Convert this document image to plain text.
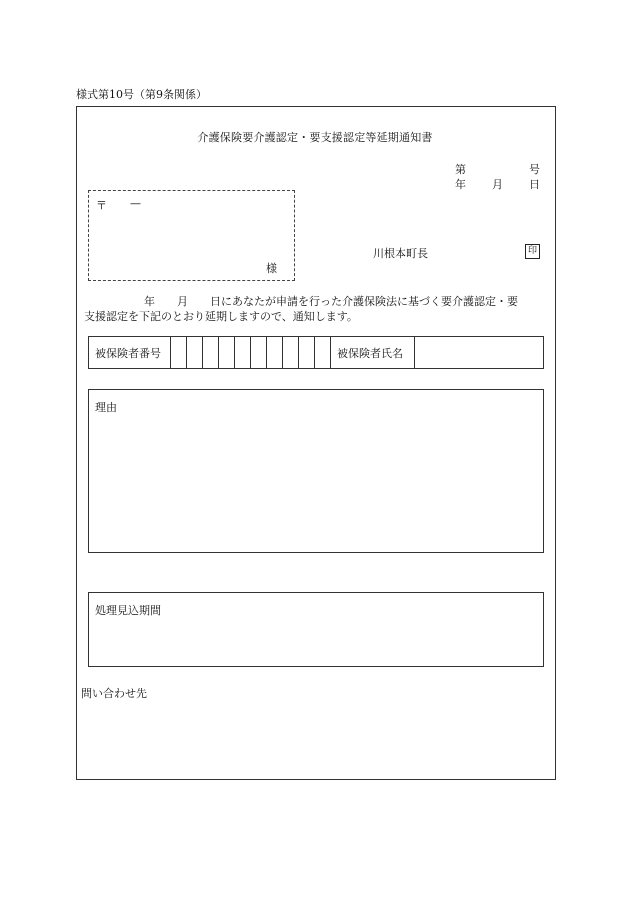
様式第10号（第9条関係）
介護保険要介護認定・要支援認定等延期通知書
第	号
年 月 日
〒 —
様
川根本町長	印
年 月 日にあなたが申請を行った介護保険法に基づく要介護認定・要
支援認定を下記のとおり延期しますので、通知します。
被保険者番号	被保険者氏名
理由
処理見込期間
問い合わせ先
